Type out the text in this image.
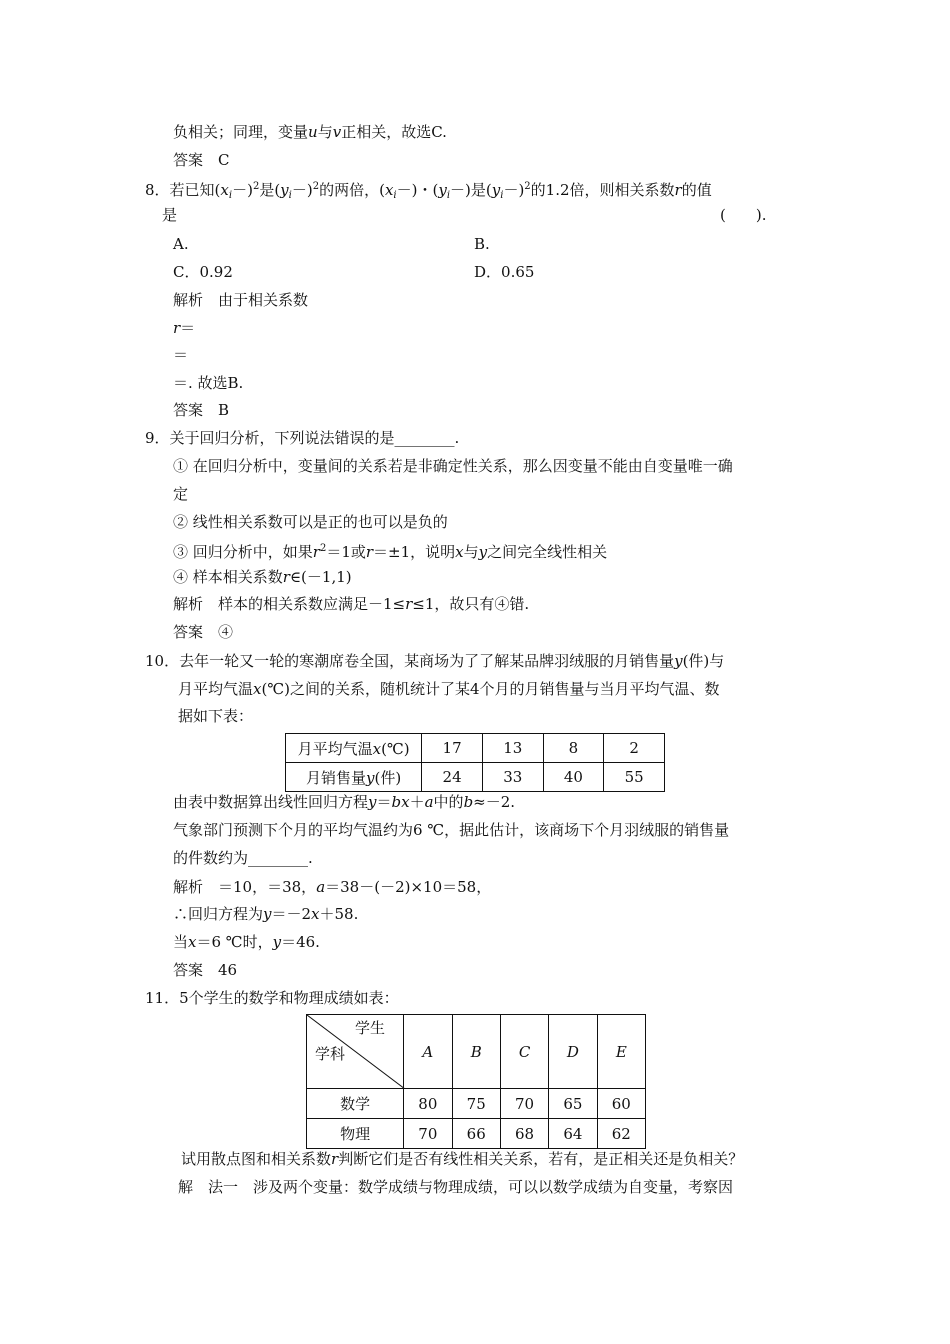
负相关；同理，变量u与v正相关，故选C.
答案　C
8．若已知$(x_i-)^2$是$(y_i-)^2$的两倍，$(x_i-)$・$(y_i-)$是$(y_i-)^2$的1.2倍，则相关系数r的值
是	(　　).
A.	B.
C．0.92	D．0.65
解析　由于相关系数
r＝
＝
＝. 故选B.
答案　B
9．关于回归分析，下列说法错误的是________.
① 在回归分析中，变量间的关系若是非确定性关系，那么因变量不能由自变量唯一确
定
② 线性相关系数可以是正的也可以是负的
③ 回归分析中，如果$r^2=1$或r＝±1，说明x与y之间完全线性相关
④ 样本相关系数r∈(－1,1)
解析　样本的相关系数应满足－1≤r≤1，故只有④错.
答案　④
10．去年一轮又一轮的寒潮席卷全国，某商场为了了解某品牌羽绒服的月销售量y(件)与
月平均气温x(℃)之间的关系，随机统计了某4个月的月销售量与当月平均气温、数
据如下表：
月平均气温x(℃)	17	13	8	2
月销售量y(件)	24	33	40	55
由表中数据算出线性回归方程y＝bx＋a中的b≈－2.
气象部门预测下个月的平均气温约为6 ℃，据此估计，该商场下个月羽绒服的销售量
的件数约为________.
解析　＝10，＝38，a＝38－(－2)×10＝58，
∴回归方程为y＝－2x＋58.
当x＝6 ℃时，y＝46.
答案　46
11．5个学生的数学和物理成绩如表：
学生
学科	A	B	C	D	E
数学	80	75	70	65	60
物理	70	66	68	64	62
试用散点图和相关系数r判断它们是否有线性相关关系，若有，是正相关还是负相关？
解　法一　涉及两个变量：数学成绩与物理成绩，可以以数学成绩为自变量，考察因
